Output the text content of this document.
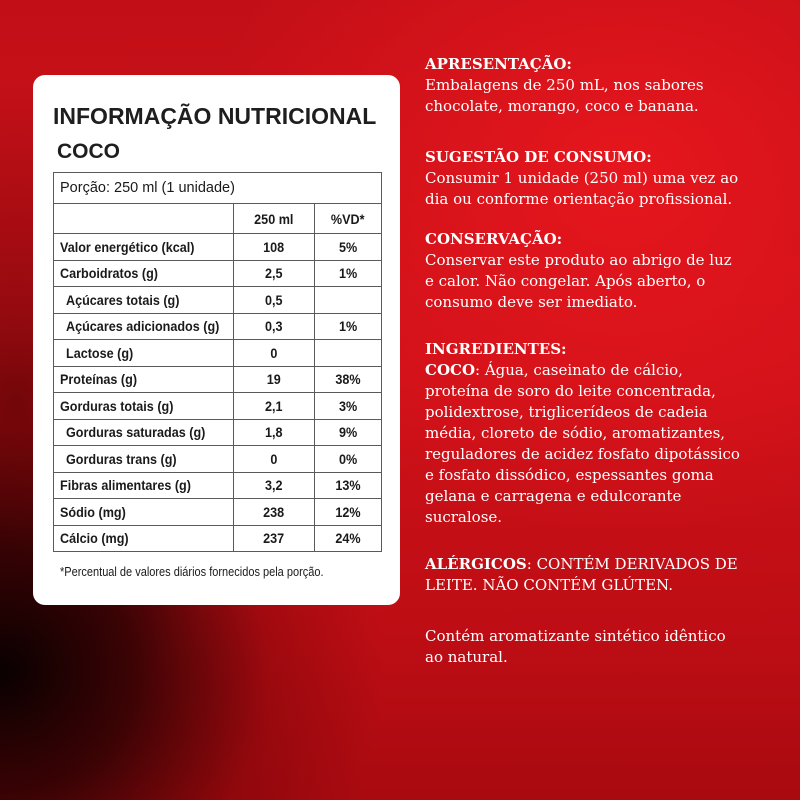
INFORMAÇÃO NUTRICIONAL
COCO
Porção: 250 ml (1 unidade)
250 ml	%VD*
Valor energético (kcal)	108	5%
Carboidratos (g)	2,5	1%
Açúcares totais (g)	0,5
Açúcares adicionados (g)	0,3	1%
Lactose (g)	0
Proteínas (g)	19	38%
Gorduras totais (g)	2,1	3%
Gorduras saturadas (g)	1,8	9%
Gorduras trans (g)	0	0%
Fibras alimentares (g)	3,2	13%
Sódio (mg)	238	12%
Cálcio (mg)	237	24%
*Percentual de valores diários fornecidos pela porção.
APRESENTAÇÃO:
Embalagens de 250 mL, nos sabores
chocolate, morango, coco e banana.
SUGESTÃO DE CONSUMO:
Consumir 1 unidade (250 ml) uma vez ao
dia ou conforme orientação profissional.
CONSERVAÇÃO:
Conservar este produto ao abrigo de luz
e calor. Não congelar. Após aberto, o
consumo deve ser imediato.
INGREDIENTES:
COCO: Água, caseinato de cálcio,
proteína de soro do leite concentrada,
polidextrose, triglicerídeos de cadeia
média, cloreto de sódio, aromatizantes,
reguladores de acidez fosfato dipotássico
e fosfato dissódico, espessantes goma
gelana e carragena e edulcorante
sucralose.
ALÉRGICOS: CONTÉM DERIVADOS DE
LEITE. NÃO CONTÉM GLÚTEN.
Contém aromatizante sintético idêntico
ao natural.
